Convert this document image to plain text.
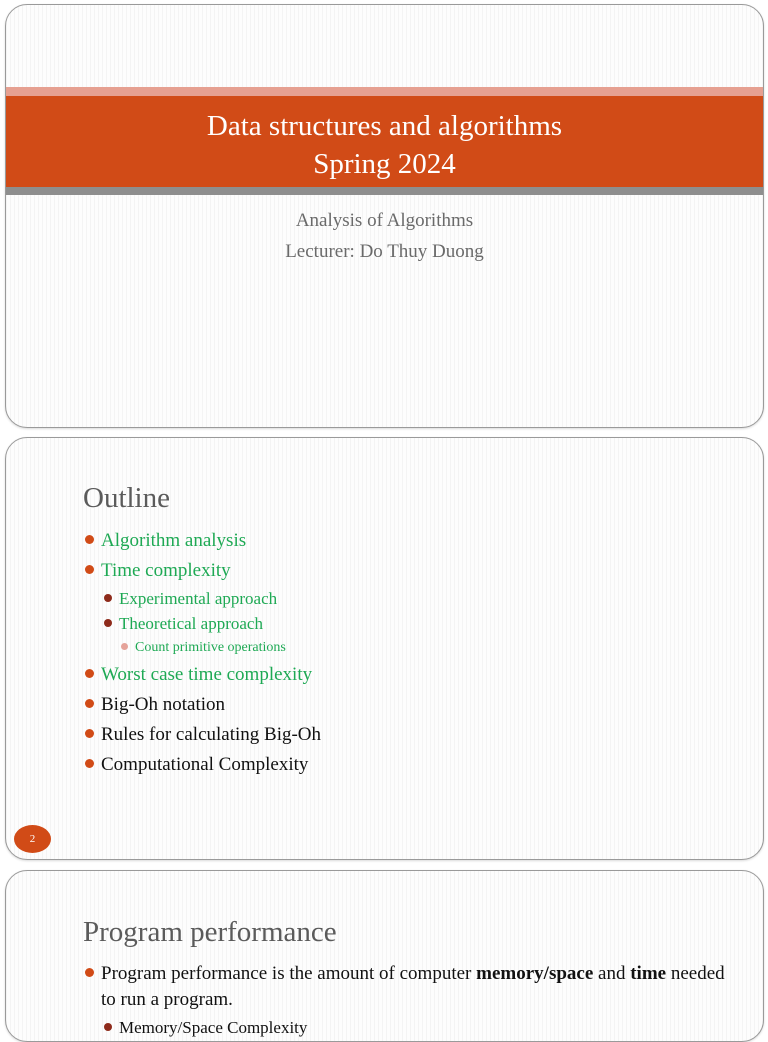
Data structures and algorithms
Spring 2024
Analysis of Algorithms
Lecturer: Do Thuy Duong
Outline
Algorithm analysis
Time complexity
Experimental approach
Theoretical approach
Count primitive operations
Worst case time complexity
Big-Oh notation
Rules for calculating Big-Oh
Computational Complexity
2
Program performance
Program performance is the amount of computer memory/space and time needed to run a program.
Memory/Space Complexity
